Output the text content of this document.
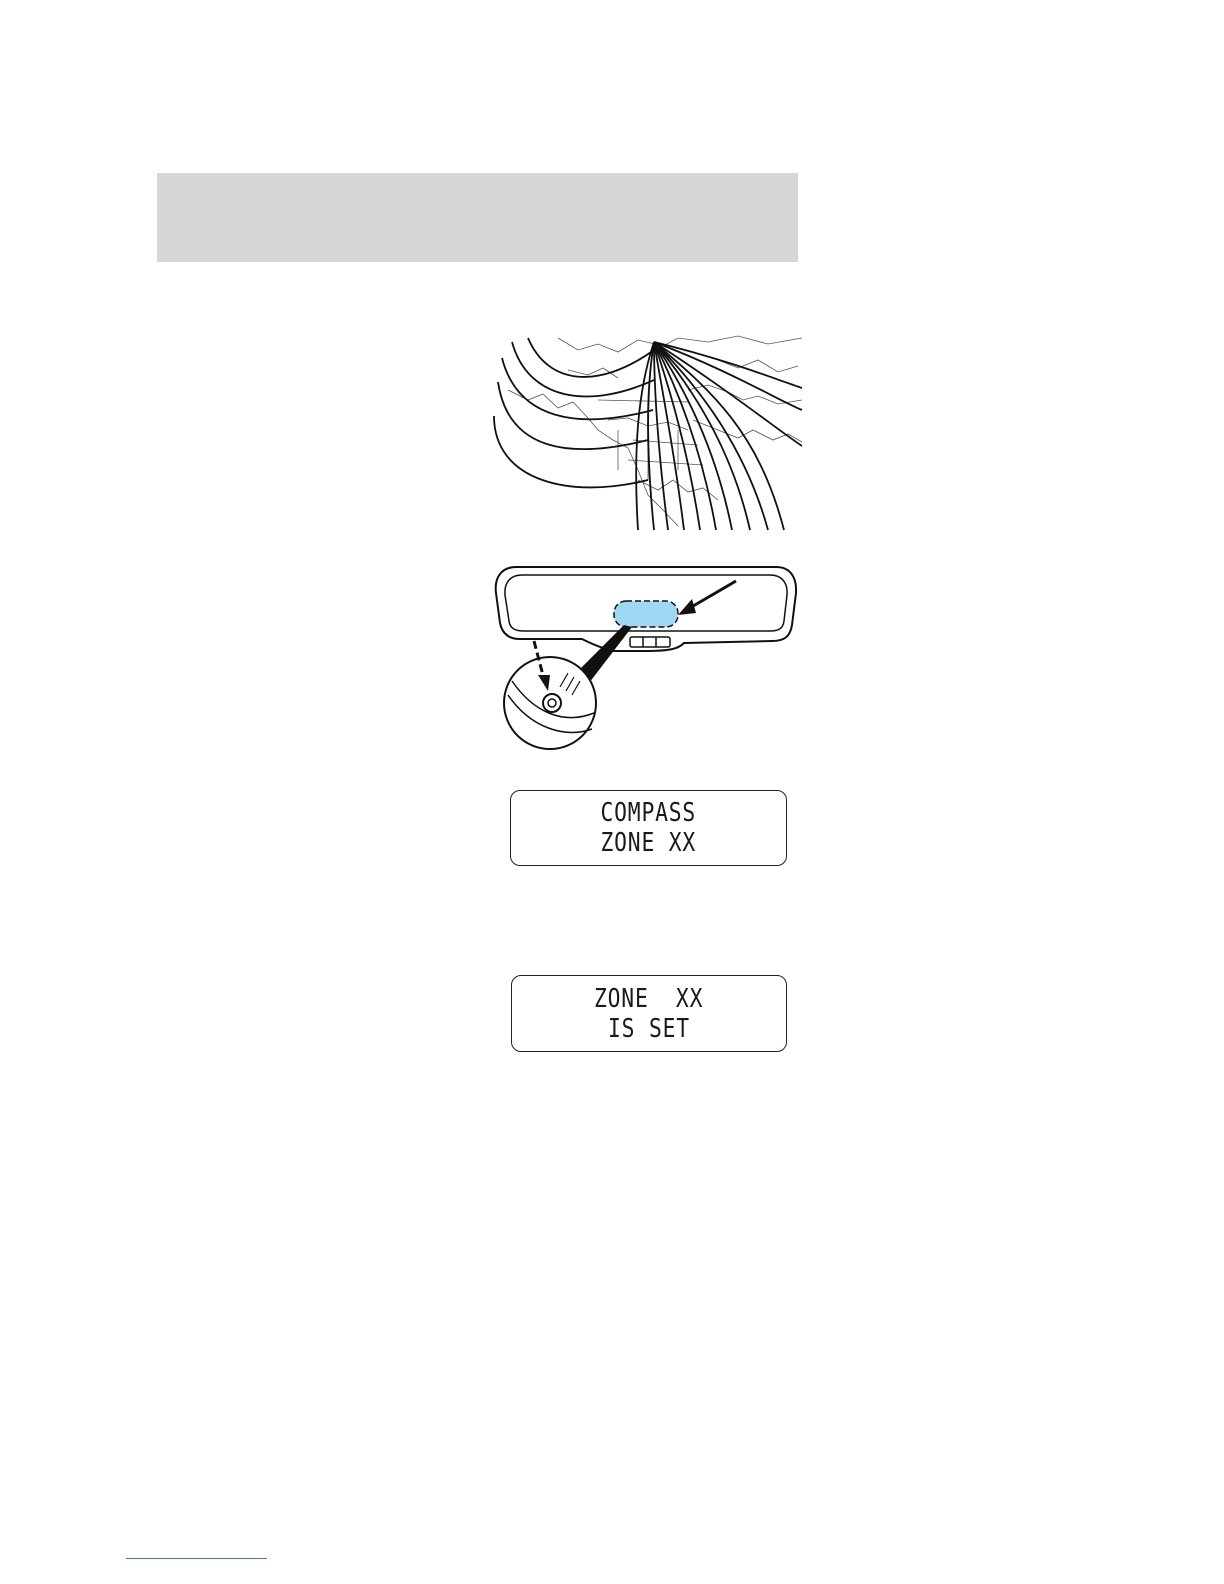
COMPASS
ZONE XX
ZONE  XX
IS SET
